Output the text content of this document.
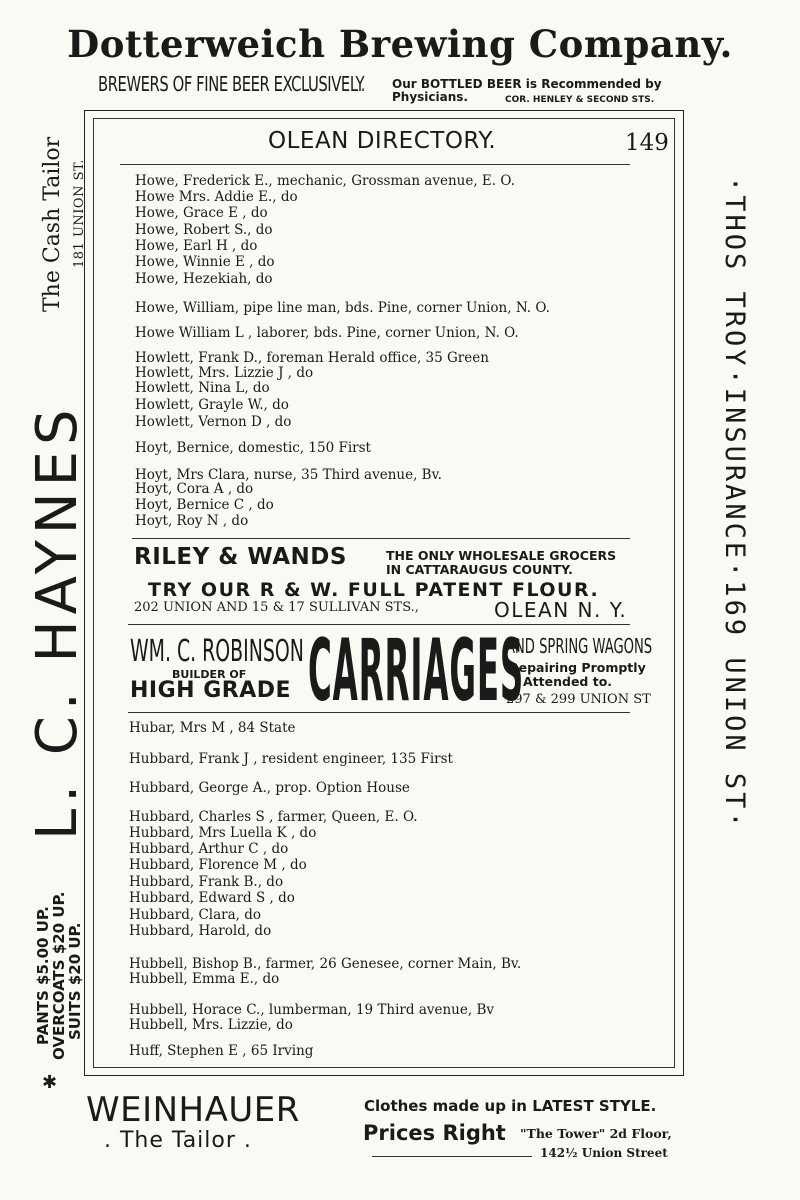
Dotterweich Brewing Company.
BREWERS OF FINE BEER EXCLUSIVELY. Our BOTTLED BEER is Recommended by
Physicians.	COR. HENLEY & SECOND STS.
OLEAN DIRECTORY.	149
Howe, Frederick E., mechanic, Grossman avenue, E. O.
Howe Mrs. Addie E., do
Howe, Grace E , do
Howe, Robert S., do
Howe, Earl H , do
Howe, Winnie E , do
Howe, Hezekiah, do
Howe, William, pipe line man, bds. Pine, corner Union, N. O.
Howe William L , laborer, bds. Pine, corner Union, N. O.
Howlett, Frank D., foreman Herald office, 35 Green
Howlett, Mrs. Lizzie J , do
Howlett, Nina L, do
Howlett, Grayle W., do
Howlett, Vernon D , do
Hoyt, Bernice, domestic, 150 First
Hoyt, Mrs Clara, nurse, 35 Third avenue, Bv.
Hoyt, Cora A , do
Hoyt, Bernice C , do
Hoyt, Roy N , do
RILEY & WANDS	THE ONLY WHOLESALE GROCERS
IN CATTARAUGUS COUNTY.
TRY OUR R & W. FULL PATENT FLOUR.
202 UNION AND 15 & 17 SULLIVAN STS.,	OLEAN N. Y.
WM. C. ROBINSON
BUILDER OF
HIGH GRADE CARRIAGES
AND SPRING WAGONS
Repairing Promptly
Attended to.
297 & 299 UNION ST
Hubar, Mrs M , 84 State
Hubbard, Frank J , resident engineer, 135 First
Hubbard, George A., prop. Option House
Hubbard, Charles S , farmer, Queen, E. O.
Hubbard, Mrs Luella K , do
Hubbard, Arthur C , do
Hubbard, Florence M , do
Hubbard, Frank B., do
Hubbard, Edward S , do
Hubbard, Clara, do
Hubbard, Harold, do
Hubbell, Bishop B., farmer, 26 Genesee, corner Main, Bv.
Hubbell, Emma E., do
Hubbell, Horace C., lumberman, 19 Third avenue, Bv
Hubbell, Mrs. Lizzie, do
Huff, Stephen E , 65 Irving
L. C. HAYNES
The Cash Tailor 181 UNION ST.
PANTS $5.00 UP.
OVERCOATS $20 UP.
SUITS $20 UP.
✱
·THOS TROY·INSURANCE·169 UNION ST·
WEINHAUER
. The Tailor .
Clothes made up in LATEST STYLE.
Prices Right "The Tower" 2d Floor,
142½ Union Street
